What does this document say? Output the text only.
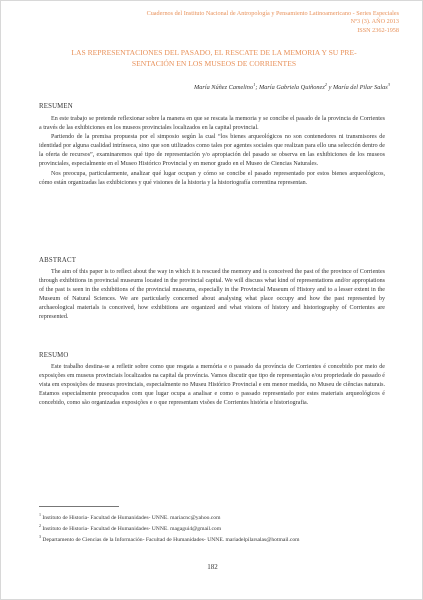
Cuadernos del Instituto Nacional de Antropología y Pensamiento Latinoamericano - Series Especiales
Nº3 (3). AÑO 2013
ISSN 2362-1958
LAS REPRESENTACIONES DEL PASADO, EL RESCATE DE LA MEMORIA Y SU PRE-
SENTACIÓN EN LOS MUSEOS DE CORRIENTES
María Núñez Camelino$^1$; María Gabriela Quiñonez$^2$ y María del Pilar Salas$^3$
RESUMEN

En este trabajo se pretende reflexionar sobre la manera en que se rescata la memoria y se concibe el pasado de la provincia de Corrientes a través de las exhibiciones en los museos provinciales localizados en la capital provincial.

Partiendo de la premisa propuesta por el simposio según la cual “los bienes arqueológicos no son contenedores ni transmisores de identidad por alguna cualidad intrínseca, sino que son utilizados como tales por agentes sociales que realizan para ello una selección dentro de la oferta de recursos”, examinaremos qué tipo de representación y/o apropiación del pasado se observa en las exhibiciones de los museos provinciales, especialmente en el Museo Histórico Provincial y en menor grado en el Museo de Ciencias Naturales.

Nos preocupa, particularmente, analizar qué lugar ocupan y cómo se concibe el pasado representado por estos bienes arqueológicos, cómo están organizadas las exhibiciones y qué visiones de la historia y la historiografía correntina representan.

ABSTRACT

The aim of this paper is to reflect about the way in which it is rescued the memory and is conceived the past of the province of Corrientes through exhibitions in provincial museums located in the provincial capital. We will discuss what kind of representations and/or appropiations of the past is seen in the exhibitions of the provincial museums, especially in the Provincial Museum of History and to a lesser extent in the Museum of Natural Sciences. We are particularly concerned about analysing what place occupy and how the past represented by archaeological materials is conceived, how exhibitions are organized and what visions of history and historiography of Corrientes are represented.

RESUMO

Este trabalho destina-se a refletir sobre como que resgata a memória e o passado da província de Corrientes é concebido por meio de exposições em museus provinciais localizados na capital da província. Vamos discutir que tipo de representação e/ou propriedade do passado é vista em exposições de museus provinciais, especialmente no Museu Histórico Provincial e em menor medida, no Museu de ciências naturais. Estamos especialmente preocupados com que lugar ocupa a analisar e como o passado representado por estes materiais arqueológicos é concebido, como são organizadas exposições e o que representam visões de Corrientes história e historiografia.

$^1$ Instituto de Historia- Facultad de Humanidades- UNNE. mariacnc@yahoo.com
$^2$ Instituto de Historia- Facultad de Humanidades- UNNE. magagui4@gmail.com
$^3$ Departamento de Ciencias de la Información- Facultad de Humanidades- UNNE. mariadelpilarsalas@hotmail.com
182
